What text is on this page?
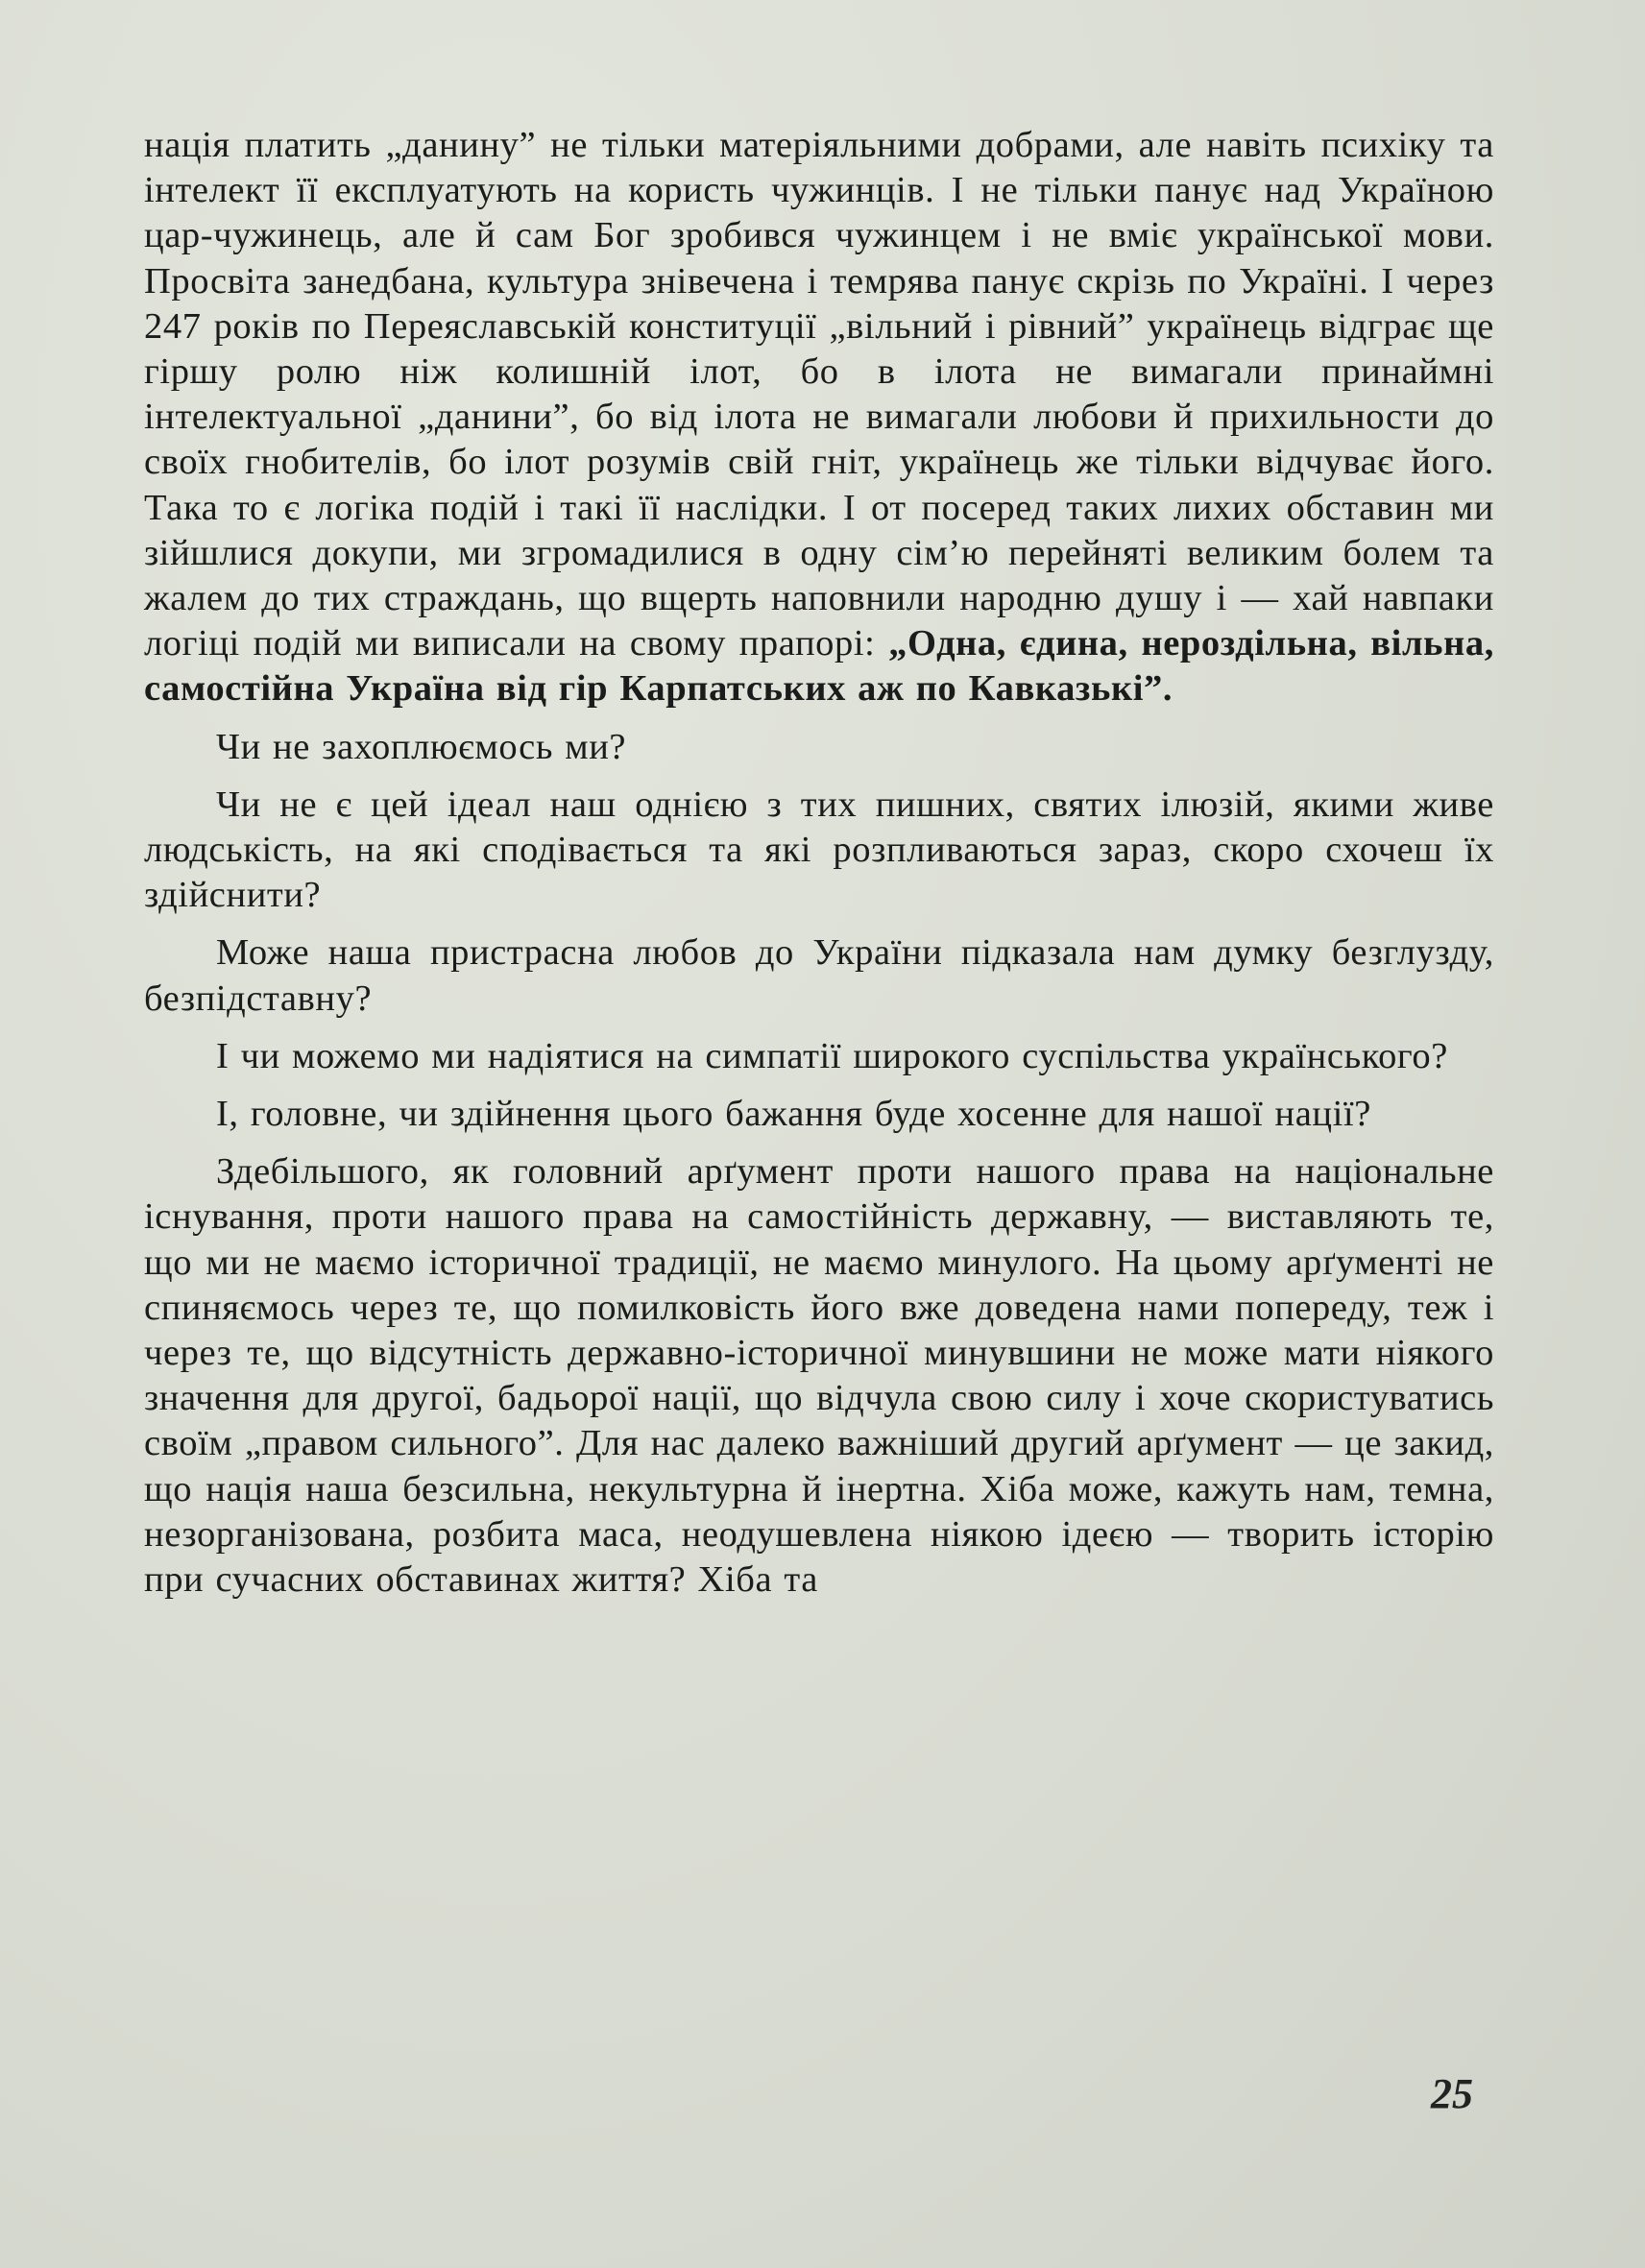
нація платить „данину” не тільки матеріяльними добрами, але навіть психіку та інтелект її експлуатують на користь чужинців. І не тільки панує над Україною цар-чужинець, але й сам Бог зробився чужинцем і не вміє української мови. Просвіта занедбана, культура знівечена і темрява панує скрізь по Україні. І через 247 років по Переяславській конституції „вільний і рівний” українець відграє ще гіршу ролю ніж колишній ілот, бо в ілота не вимагали принаймні інтелектуальної „данини”, бо від ілота не вимагали любови й прихильности до своїх гнобителів, бо ілот розумів свій гніт, українець же тільки відчуває його. Така то є логіка подій і такі її наслідки. І от посеред таких лихих обставин ми зійшлися докупи, ми згромадилися в одну сім’ю перейняті великим болем та жалем до тих страждань, що вщерть наповнили народню душу і — хай навпаки логіці подій ми виписали на свому прапорі: „Одна, єдина, нероздільна, вільна, самостійна Україна від гір Карпатських аж по Кавказькі”.

Чи не захоплюємось ми?

Чи не є цей ідеал наш однією з тих пишних, святих ілюзій, якими живе людськість, на які сподівається та які розпливаються зараз, скоро схочеш їх здійснити?

Може наша пристрасна любов до України підказала нам думку безглузду, безпідставну?

І чи можемо ми надіятися на симпатії широкого суспільства українського?

І, головне, чи здійнення цього бажання буде хосенне для нашої нації?

Здебільшого, як головний арґумент проти нашого права на національне існування, проти нашого права на самостійність державну, — виставляють те, що ми не маємо історичної традиції, не маємо минулого. На цьому арґументі не спиняємось через те, що помилковість його вже доведена нами попереду, теж і через те, що відсутність державно-історичної минувшини не може мати ніякого значення для другої, бадьорої нації, що відчула свою силу і хоче скористуватись своїм „правом сильного”. Для нас далеко важніший другий арґумент — це закид, що нація наша безсильна, некультурна й інертна. Хіба може, кажуть нам, темна, незорганізована, розбита маса, неодушевлена ніякою ідеєю — творить історію при сучасних обставинах життя? Хіба та

25
